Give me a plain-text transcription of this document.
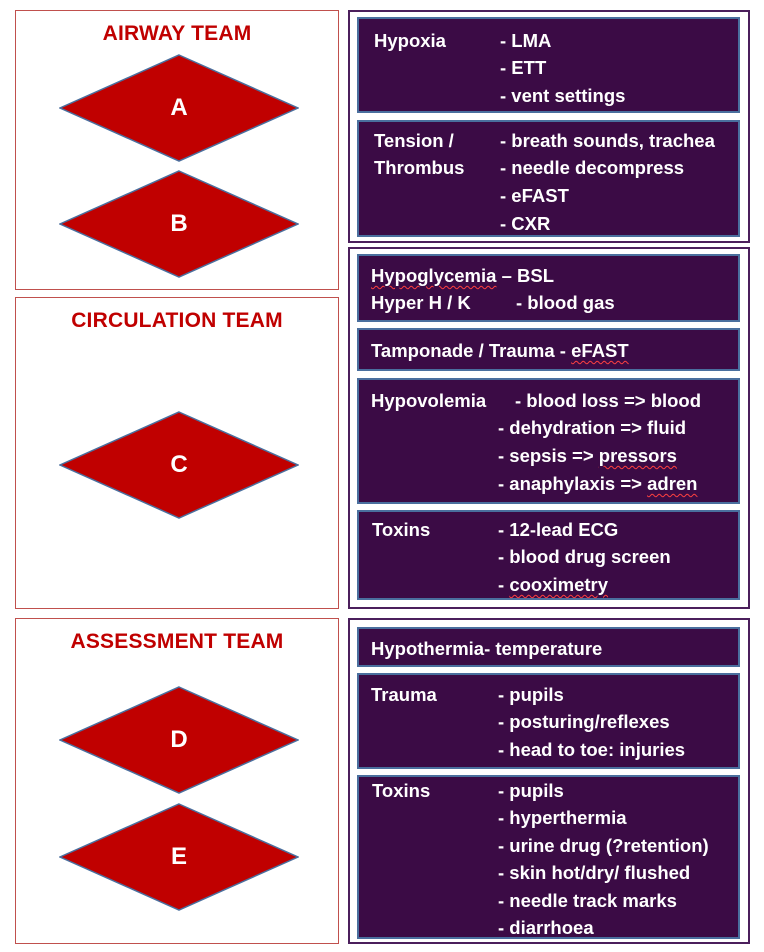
AIRWAY TEAM
A
B
CIRCULATION TEAM
C
ASSESSMENT TEAM
D
E
Hypoxia	- LMA
- ETT
- vent settings
Tension /
Thrombus
- breath sounds, trachea
- needle decompress
- eFAST
- CXR
Hypoglycemia – BSL
Hyper H / K - blood gas
Tamponade / Trauma - eFAST
Hypovolemia - blood loss => blood
- dehydration => fluid
- sepsis => pressors
- anaphylaxis => adren
Toxins	- 12-lead ECG
- blood drug screen
- cooximetry
Hypothermia- temperature
Trauma	- pupils
- posturing/reflexes
- head to toe: injuries
Toxins	- pupils
- hyperthermia
- urine drug (?retention)
- skin hot/dry/ flushed
- needle track marks
- diarrhoea
